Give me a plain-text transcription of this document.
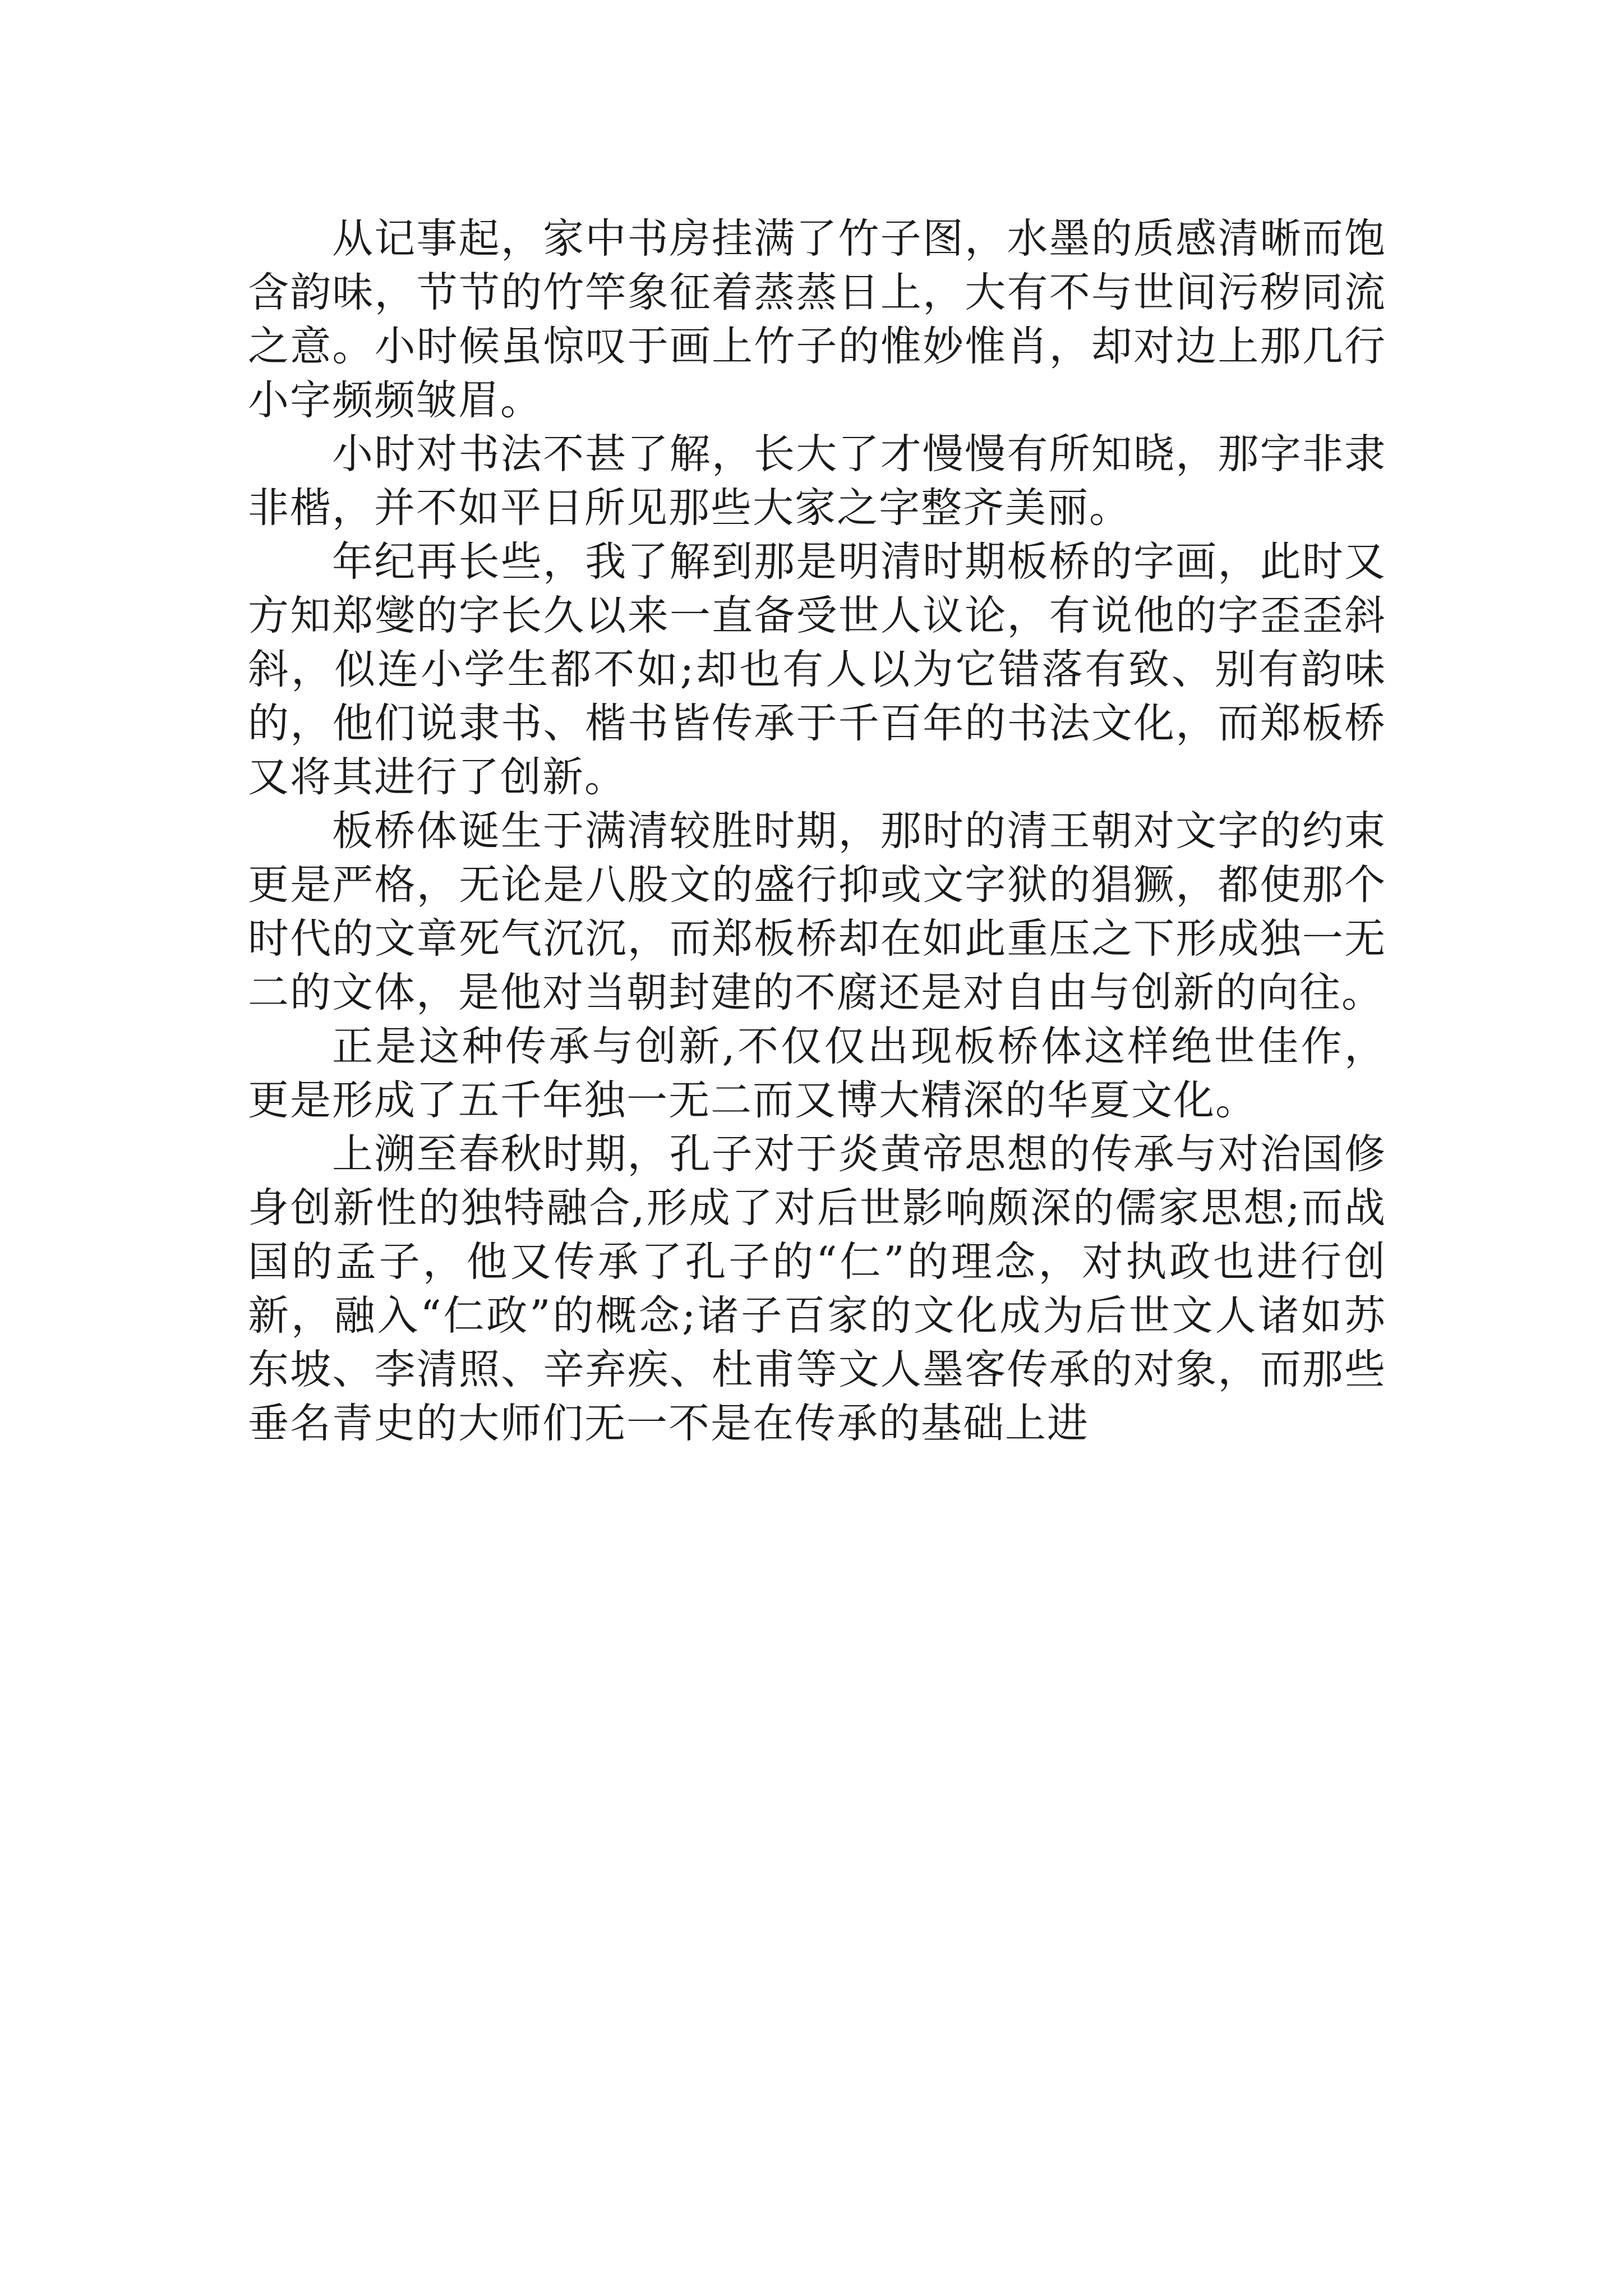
从记事起，家中书房挂满了竹子图，水墨的质感清晰而饱含韵味，节节的竹竿象征着蒸蒸日上，大有不与世间污秽同流之意。小时候虽惊叹于画上竹子的惟妙惟肖，却对边上那几行小字频频皱眉。

小时对书法不甚了解，长大了才慢慢有所知晓，那字非隶非楷，并不如平日所见那些大家之字整齐美丽。

年纪再长些，我了解到那是明清时期板桥的字画，此时又方知郑燮的字长久以来一直备受世人议论，有说他的字歪歪斜斜，似连小学生都不如;却也有人以为它错落有致、别有韵味的，他们说隶书、楷书皆传承于千百年的书法文化，而郑板桥又将其进行了创新。

板桥体诞生于满清较胜时期，那时的清王朝对文字的约束更是严格，无论是八股文的盛行抑或文字狱的猖獗，都使那个时代的文章死气沉沉，而郑板桥却在如此重压之下形成独一无二的文体，是他对当朝封建的不腐还是对自由与创新的向往。

正是这种传承与创新,不仅仅出现板桥体这样绝世佳作，更是形成了五千年独一无二而又博大精深的华夏文化。

上溯至春秋时期，孔子对于炎黄帝思想的传承与对治国修身创新性的独特融合,形成了对后世影响颇深的儒家思想;而战国的孟子，他又传承了孔子的“仁”的理念，对执政也进行创新，融入“仁政”的概念;诸子百家的文化成为后世文人诸如苏东坡、李清照、辛弃疾、杜甫等文人墨客传承的对象，而那些垂名青史的大师们无一不是在传承的基础上进
